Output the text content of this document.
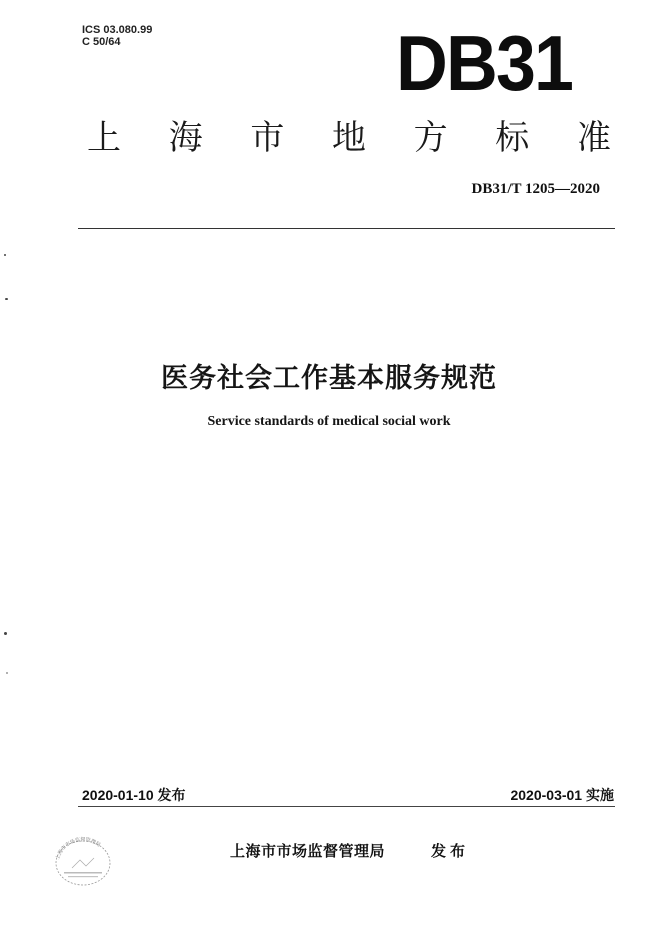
ICS 03.080.99
C 50/64	DB31
上 海 市 地 方 标 准
DB31/T 1205—2020
医务社会工作基本服务规范
Service standards of medical social work
2020-01-10 发布	2020-03-01 实施
上海市市场监督管理局	上海市市场监督管理局	发布
